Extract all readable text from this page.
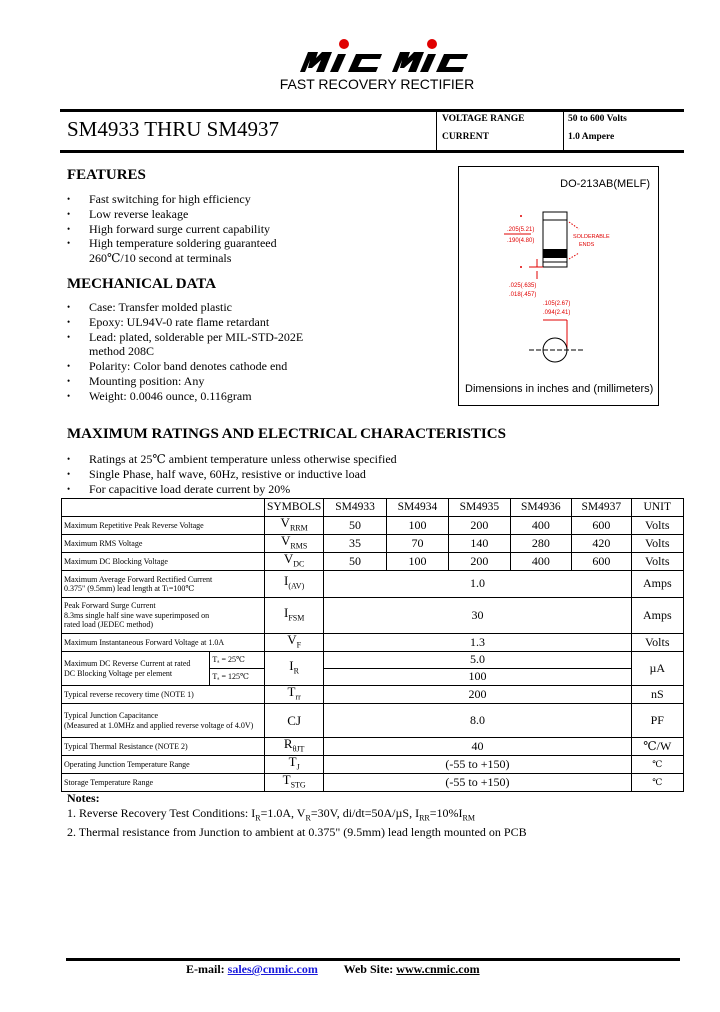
FAST RECOVERY RECTIFIER
SM4933 THRU SM4937	VOLTAGE RANGE	50 to 600 Volts
CURRENT	1.0 Ampere
FEATURES
• Fast switching for high efficiency
• Low reverse leakage
• High forward surge current capability
• High temperature soldering guaranteed
260℃/10 second at terminals
MECHANICAL DATA
• Case: Transfer molded plastic
• Epoxy: UL94V-0 rate flame retardant
• Lead: plated, solderable per MIL-STD-202E
method 208C
• Polarity: Color band denotes cathode end
• Mounting position: Any
• Weight: 0.0046 ounce, 0.116gram
DO-213AB(MELF)
.205(5.21)
.190(4.80)
SOLDERABLE
ENDS
.025(.635)
.018(.457)
.105(2.67)
.094(2.41)
Dimensions in inches and (millimeters)
MAXIMUM RATINGS AND ELECTRICAL CHARACTERISTICS
• Ratings at 25℃ ambient temperature unless otherwise specified
• Single Phase, half wave, 60Hz, resistive or inductive load
• For capacitive load derate current by 20%
		SYMBOLS	SM4933	SM4934	SM4935	SM4936	SM4937	UNIT
Maximum Repetitive Peak Reverse Voltage		$V_{RRM}$	50	100	200	400	600	Volts
Maximum RMS Voltage		$V_{RMS}$	35	70	140	280	420	Volts
Maximum DC Blocking Voltage		$V_{DC}$	50	100	200	400	600	Volts

Maximum Average Forward Rectified Current
0.375" (9.5mm) lead length at Tₗ=100℃		$I_{(AV)}$	1.0					Amps

Peak Forward Surge Current
8.3ms single half sine wave superimposed on
rated load (JEDEC method)		$I_{FSM}$	30					Amps
Maximum Instantaneous Forward Voltage at 1.0A		$V_F$	1.3					Volts

Maximum DC Reverse Current at rated
DC Blocking Voltage per element	Tₐ = 25℃	$I_R$	5.0					µA
	Tₐ = 125℃		100					
Typical reverse recovery time (NOTE 1)		$T_{rr}$	200					nS

Typical Junction Capacitance
(Measured at 1.0MHz and applied reverse voltage of 4.0V)		CJ	8.0					PF
Typical Thermal Resistance (NOTE 2)		$R_{\theta JT}$	40					℃/W
Operating Junction Temperature Range		$T_J$	(-55 to +150)					℃
Storage Temperature Range		$T_{STG}$	(-55 to +150)					℃
Notes:
1. Reverse Recovery Test Conditions: $I_R=1.0A$, $V_R=30V$, di/dt=50A/µS, $I_{RR}=10\%I_{RM}$
2. Thermal resistance from Junction to ambient at 0.375" (9.5mm) lead length mounted on PCB
E-mail: sales@cnmic.com Web Site: www.cnmic.com
